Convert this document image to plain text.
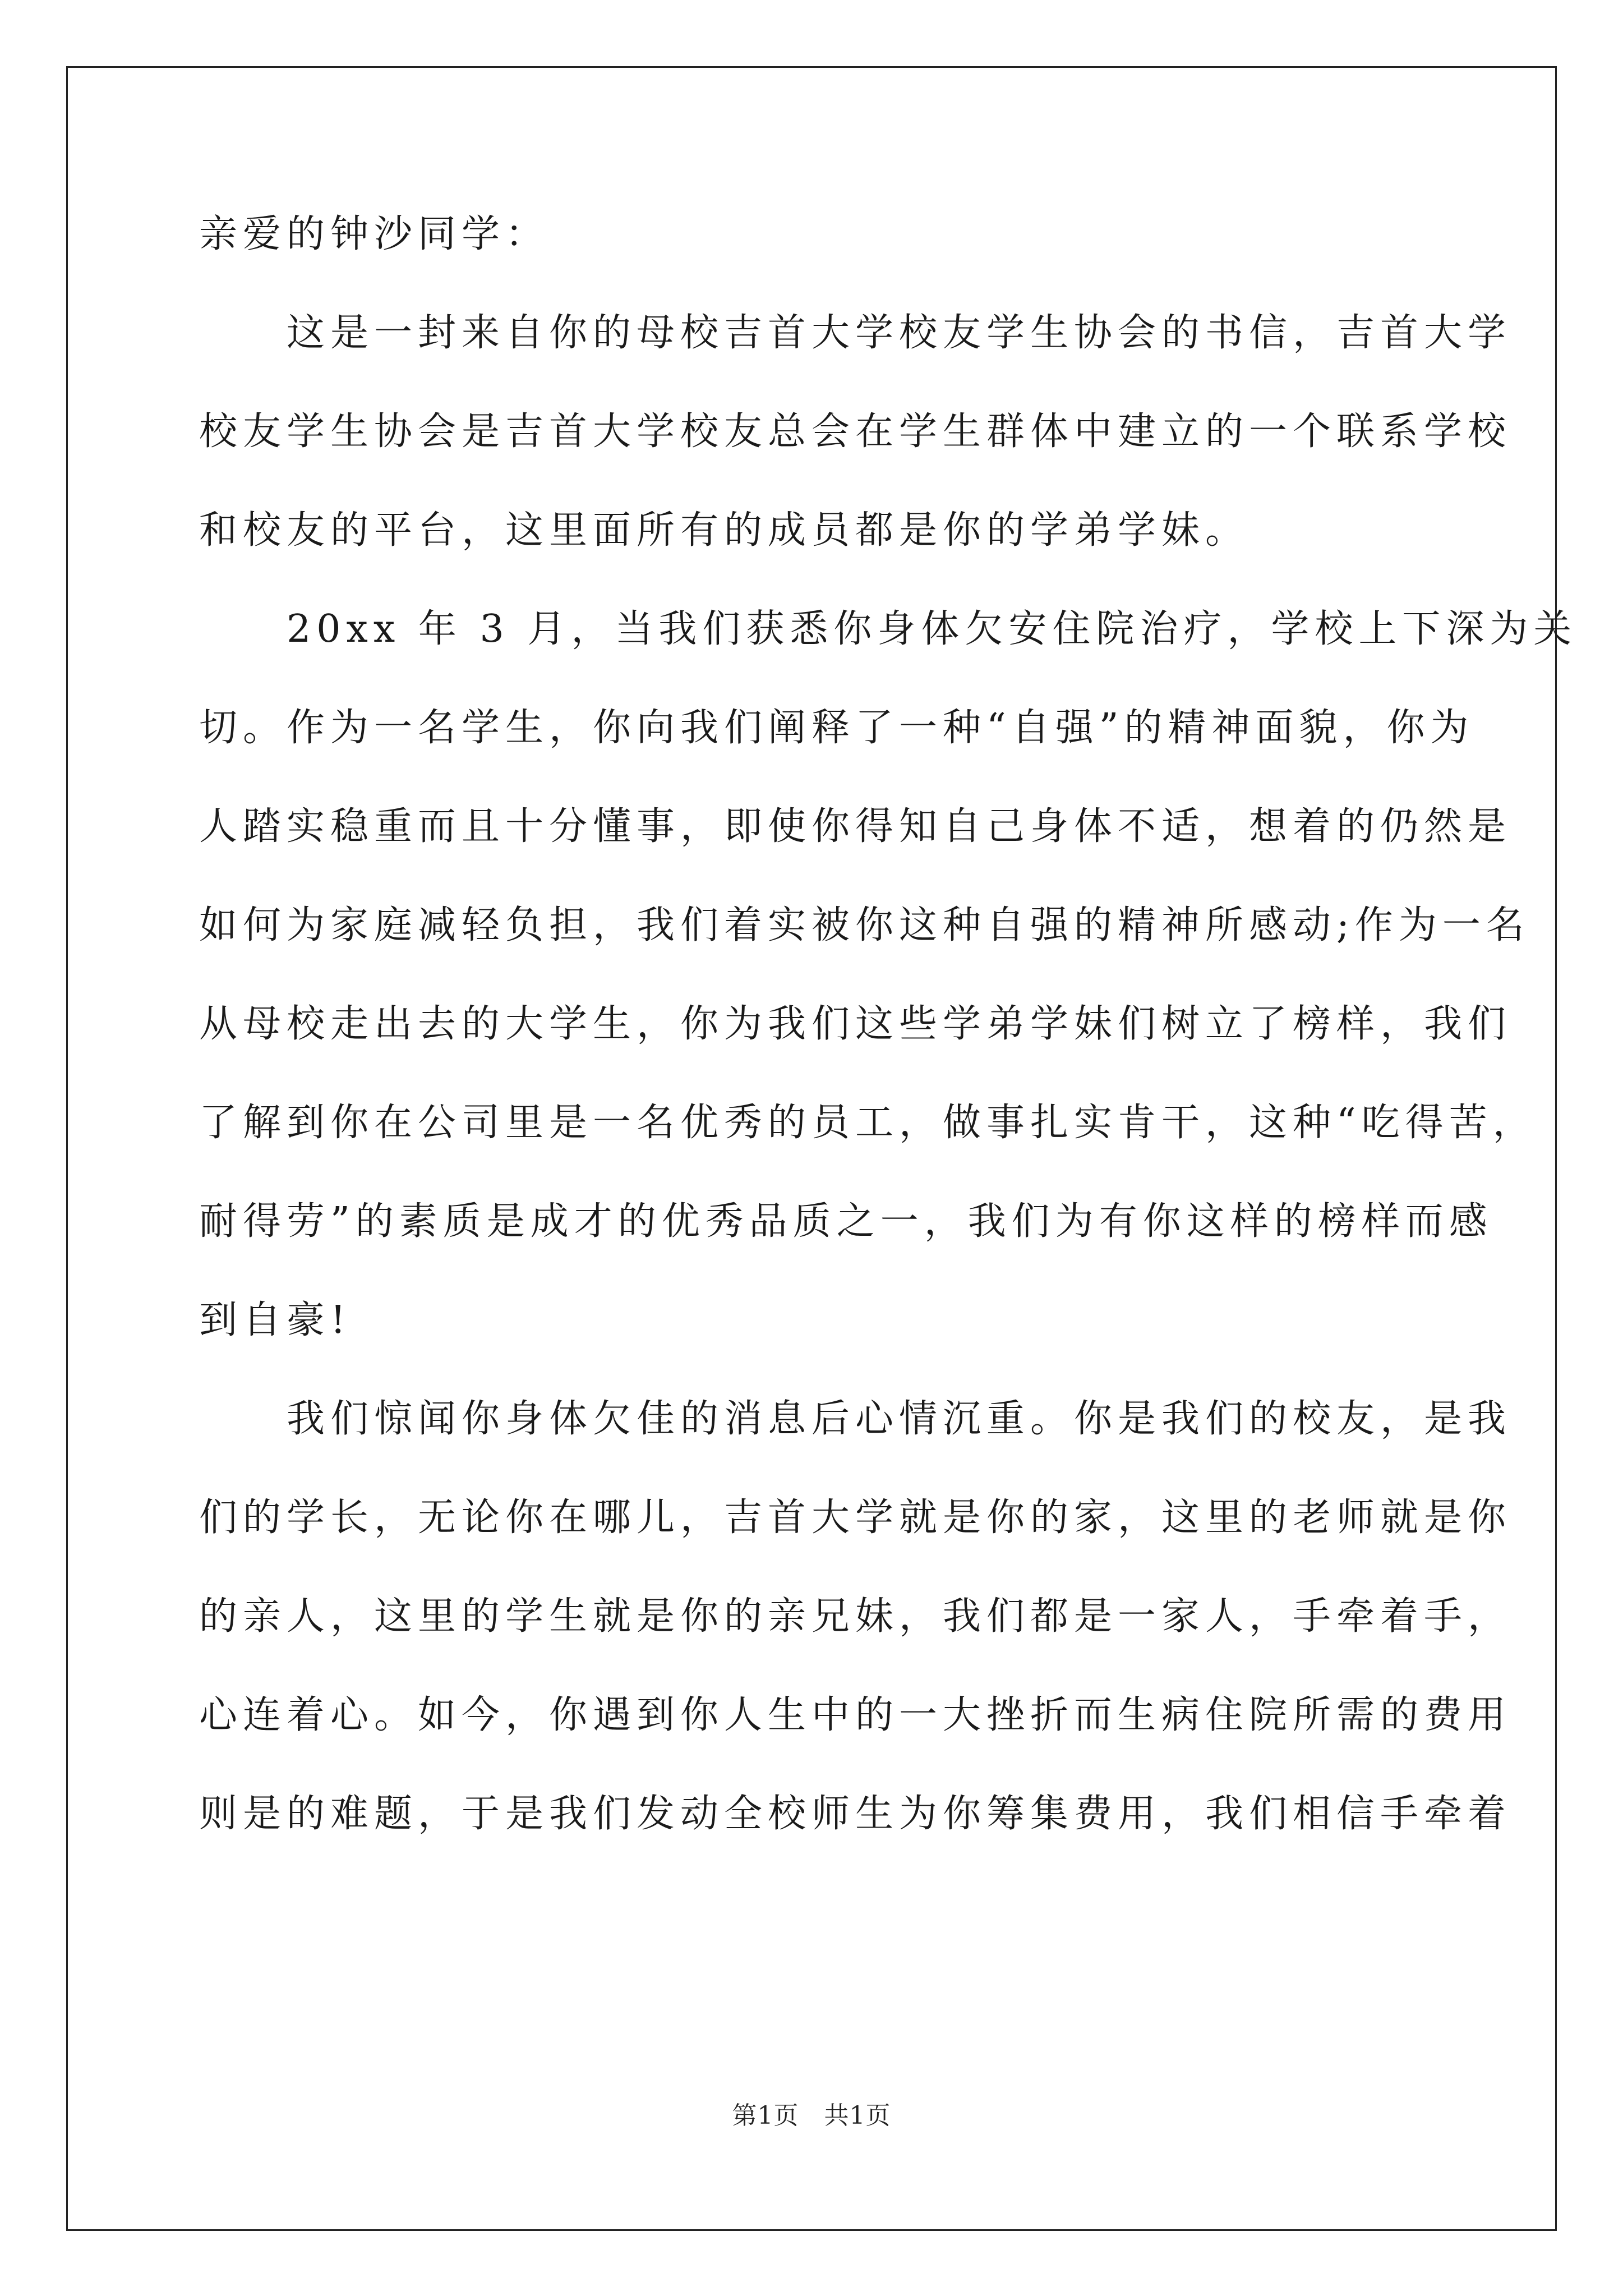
亲爱的钟沙同学：
　　这是一封来自你的母校吉首大学校友学生协会的书信，吉首大学
校友学生协会是吉首大学校友总会在学生群体中建立的一个联系学校
和校友的平台，这里面所有的成员都是你的学弟学妹。
　　20xx 年 3 月，当我们获悉你身体欠安住院治疗，学校上下深为关
切。作为一名学生，你向我们阐释了一种“自强”的精神面貌，你为
人踏实稳重而且十分懂事，即使你得知自己身体不适，想着的仍然是
如何为家庭减轻负担，我们着实被你这种自强的精神所感动;作为一名
从母校走出去的大学生，你为我们这些学弟学妹们树立了榜样，我们
了解到你在公司里是一名优秀的员工，做事扎实肯干，这种“吃得苦，
耐得劳”的素质是成才的优秀品质之一，我们为有你这样的榜样而感
到自豪!
　　我们惊闻你身体欠佳的消息后心情沉重。你是我们的校友，是我
们的学长，无论你在哪儿，吉首大学就是你的家，这里的老师就是你
的亲人，这里的学生就是你的亲兄妹，我们都是一家人，手牵着手，
心连着心。如今，你遇到你人生中的一大挫折而生病住院所需的费用
则是的难题，于是我们发动全校师生为你筹集费用，我们相信手牵着
第1页   共1页
